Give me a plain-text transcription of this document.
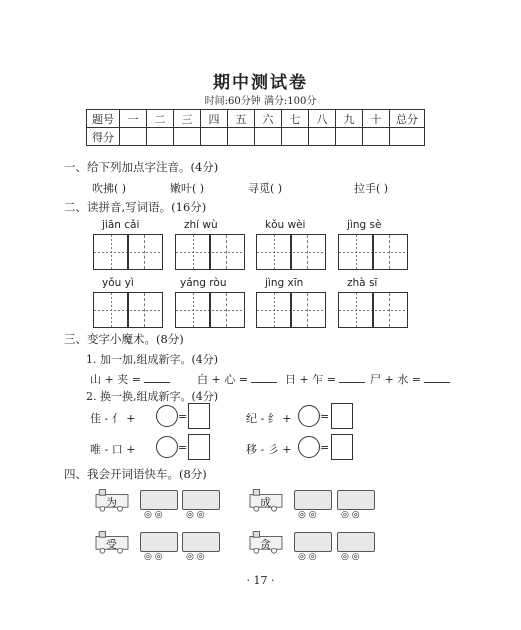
期中测试卷
时间:60分钟 满分:100分
题号	一	二	三	四	五	六	七	八	九	十	总分
得分											
一、给下列加点字注音。(4分)
吹拂( )	嫩叶( )	寻觅( )	拉手( )
二、读拼音,写词语。(16分)
jiān cǎi	zhí wù	kǒu wèi	jìng sè
yǒu yì	yáng ròu	jìng xīn	zhà sī
三、变字小魔术。(8分)
1. 加一加,组成新字。(4分)
山 + 夹 =	白 + 心 =	日 + 乍 =	尸 + 水 =
2. 换一换,组成新字。(4分)
佳 - 亻 +	=	纪 - 纟 +	=
唯 - 口 +	=	移 - 彡 +	=
四、我会开词语快车。(8分)
为
◎ ◎	◎ ◎
成
◎ ◎	◎ ◎
受
◎ ◎	◎ ◎
贪
◎ ◎	◎ ◎
· 17 ·
